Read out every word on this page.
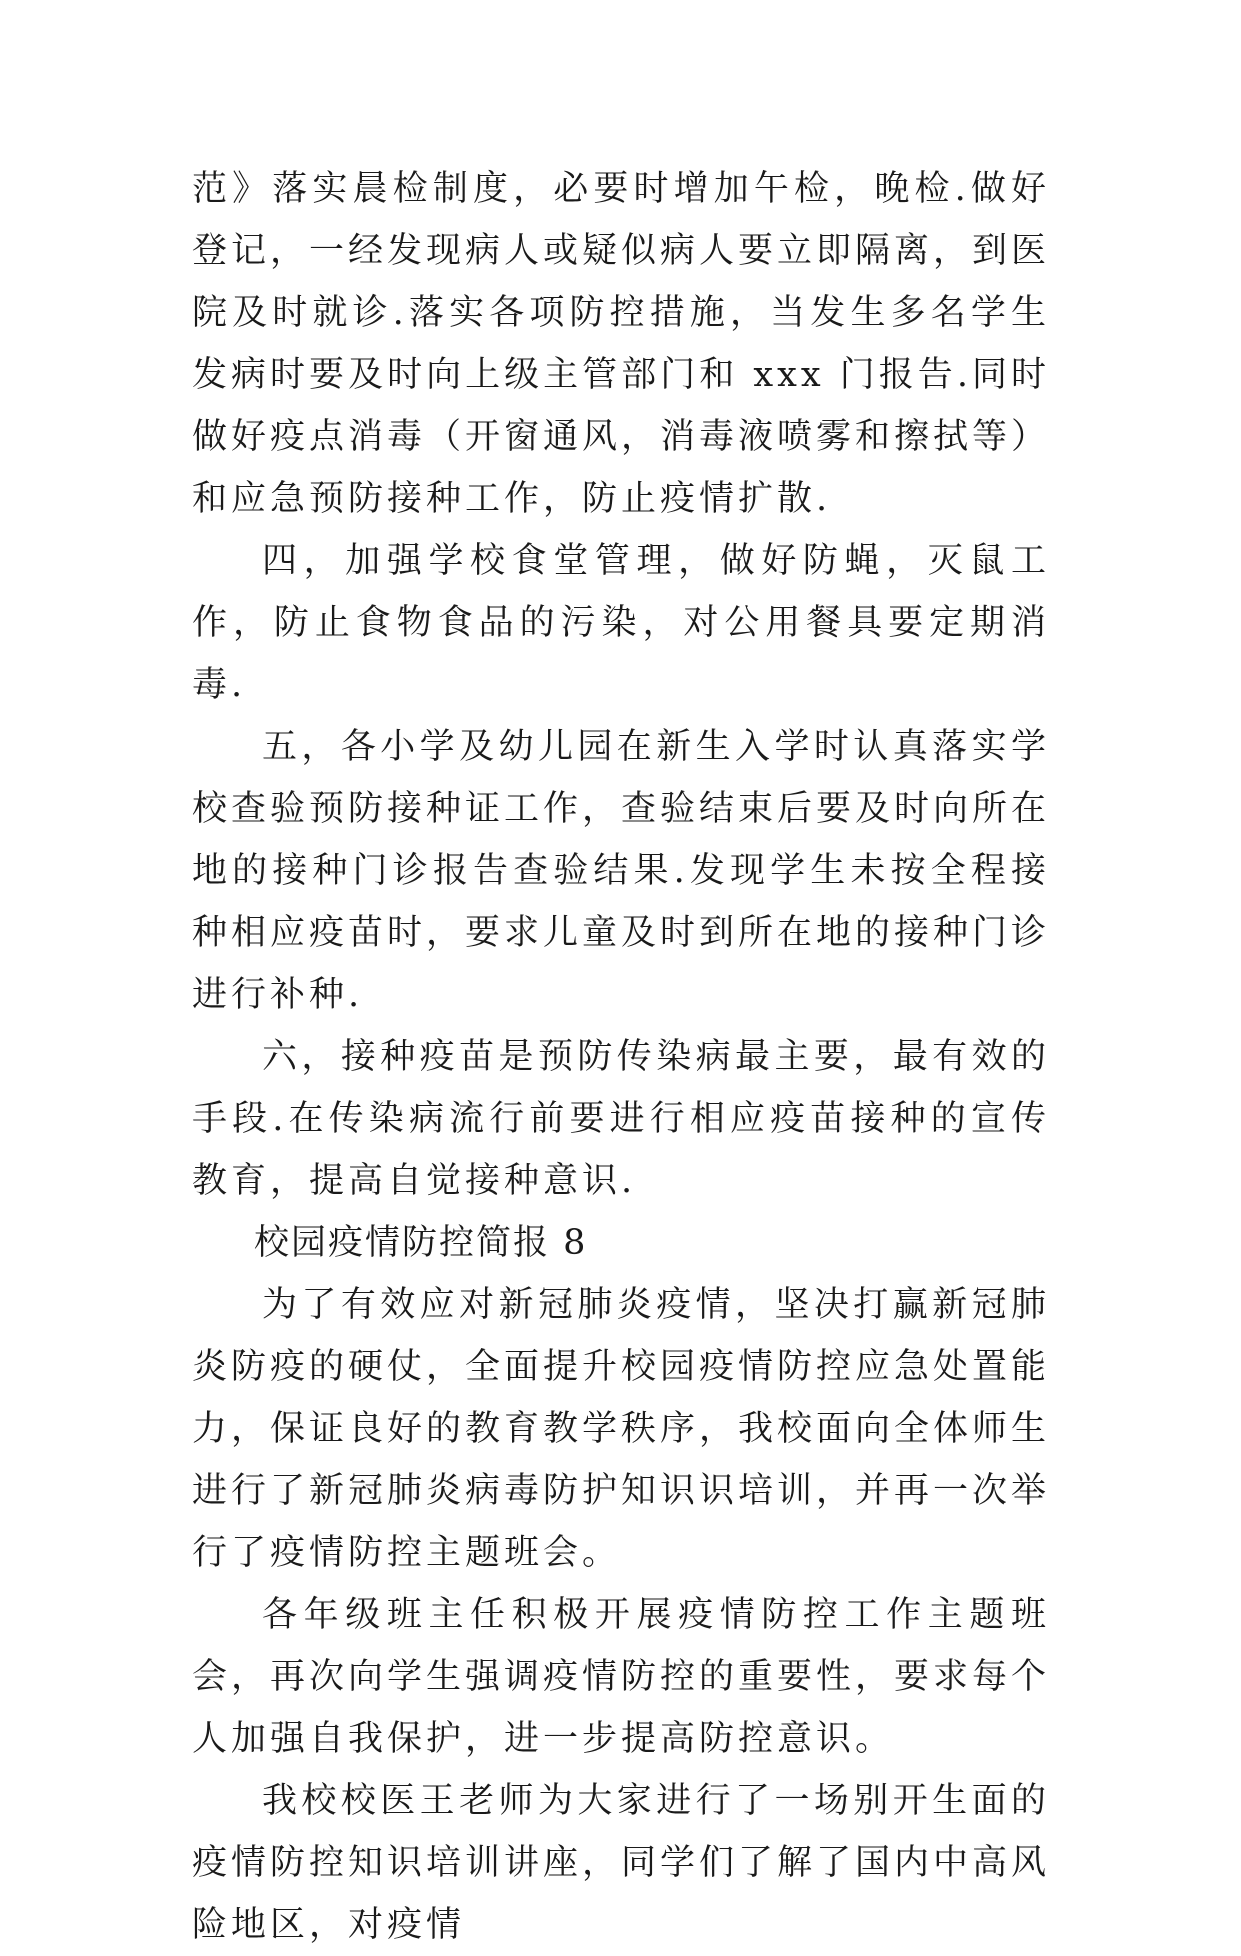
范》落实晨检制度，必要时增加午检，晚检.做好登记，一经发现病人或疑似病人要立即隔离，到医院及时就诊.落实各项防控措施，当发生多名学生发病时要及时向上级主管部门和 xxx 门报告.同时做好疫点消毒（开窗通风，消毒液喷雾和擦拭等）和应急预防接种工作，防止疫情扩散.

四，加强学校食堂管理，做好防蝇，灭鼠工作，防止食物食品的污染，对公用餐具要定期消毒.

五，各小学及幼儿园在新生入学时认真落实学校查验预防接种证工作，查验结束后要及时向所在地的接种门诊报告查验结果.发现学生未按全程接种相应疫苗时，要求儿童及时到所在地的接种门诊进行补种.

六，接种疫苗是预防传染病最主要，最有效的手段.在传染病流行前要进行相应疫苗接种的宣传教育，提高自觉接种意识.

校园疫情防控简报 8

为了有效应对新冠肺炎疫情，坚决打赢新冠肺炎防疫的硬仗，全面提升校园疫情防控应急处置能力，保证良好的教育教学秩序，我校面向全体师生进行了新冠肺炎病毒防护知识识培训，并再一次举行了疫情防控主题班会。

各年级班主任积极开展疫情防控工作主题班会，再次向学生强调疫情防控的重要性，要求每个人加强自我保护，进一步提高防控意识。

我校校医王老师为大家进行了一场别开生面的疫情防控知识培训讲座，同学们了解了国内中高风险地区，对疫情
